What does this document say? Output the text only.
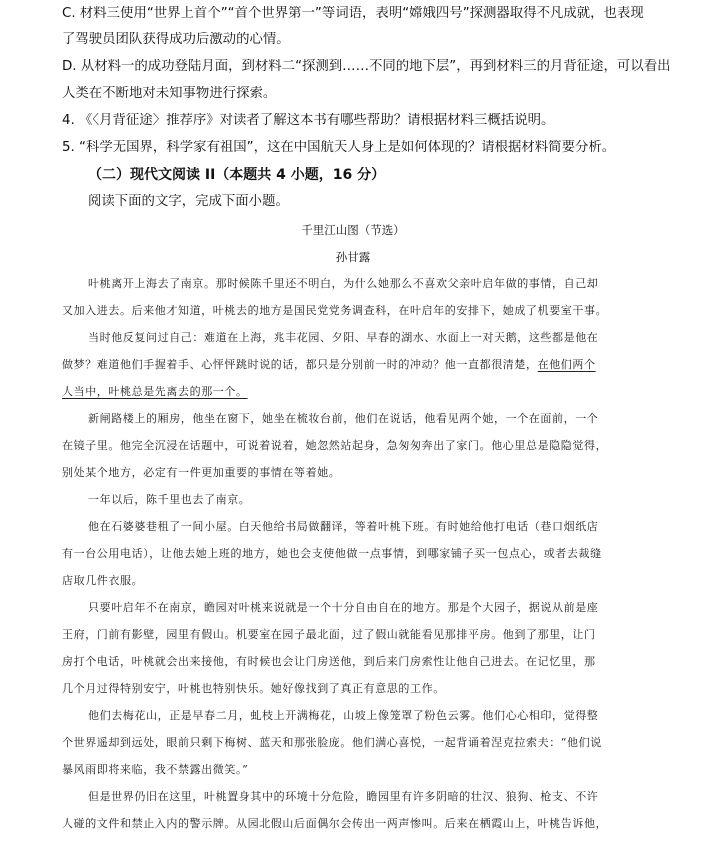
C. 材料三使用“世界上首个”“首个世界第一”等词语，表明“嫦娥四号”探测器取得不凡成就，也表现
了驾驶员团队获得成功后激动的心情。
D. 从材料一的成功登陆月面，到材料二“探测到……不同的地下层”，再到材料三的月背征途，可以看出
人类在不断地对未知事物进行探索。
4. 《〈月背征途〉推荐序》对读者了解这本书有哪些帮助？请根据材料三概括说明。
5. “科学无国界，科学家有祖国”，这在中国航天人身上是如何体现的？请根据材料简要分析。
（二）现代文阅读 II（本题共 4 小题，16 分）
阅读下面的文字，完成下面小题。
千里江山图（节选）
孙甘露
叶桃离开上海去了南京。那时候陈千里还不明白，为什么她那么不喜欢父亲叶启年做的事情，自己却
又加入进去。后来他才知道，叶桃去的地方是国民党党务调查科，在叶启年的安排下，她成了机要室干事。
当时他反复问过自己：难道在上海，兆丰花园、夕阳、早春的湖水、水面上一对天鹅，这些都是他在
做梦？难道他们手握着手、心怦怦跳时说的话，都只是分别前一时的冲动？他一直都很清楚，在他们两个
人当中，叶桃总是先离去的那一个。
新闸路楼上的厢房，他坐在窗下，她坐在梳妆台前，他们在说话，他看见两个她，一个在面前，一个
在镜子里。他完全沉浸在话题中，可说着说着，她忽然站起身，急匆匆奔出了家门。他心里总是隐隐觉得，
别处某个地方，必定有一件更加重要的事情在等着她。
一年以后，陈千里也去了南京。
他在石婆婆巷租了一间小屋。白天他给书局做翻译，等着叶桃下班。有时她给他打电话（巷口烟纸店
有一台公用电话），让他去她上班的地方，她也会支使他做一点事情，到哪家铺子买一包点心，或者去裁缝
店取几件衣服。
只要叶启年不在南京，瞻园对叶桃来说就是一个十分自由自在的地方。那是个大园子，据说从前是座
王府，门前有影壁，园里有假山。机要室在园子最北面，过了假山就能看见那排平房。他到了那里，让门
房打个电话，叶桃就会出来接他，有时候也会让门房送他，到后来门房索性让他自己进去。在记忆里，那
几个月过得特别安宁，叶桃也特别快乐。她好像找到了真正有意思的工作。
他们去梅花山，正是早春二月，虬枝上开满梅花，山坡上像笼罩了粉色云雾。他们心心相印，觉得整
个世界遥却到远处，眼前只剩下梅树、蓝天和那张脸庞。他们满心喜悦，一起背诵着涅克拉索夫：“他们说
暴风雨即将来临，我不禁露出微笑。”
但是世界仍旧在这里，叶桃置身其中的环境十分危险，瞻园里有许多阴暗的壮汉、狼狗、枪支、不许
人碰的文件和禁止入内的警示牌。从园北假山后面偶尔会传出一两声惨叫。后来在栖霞山上，叶桃告诉他，
